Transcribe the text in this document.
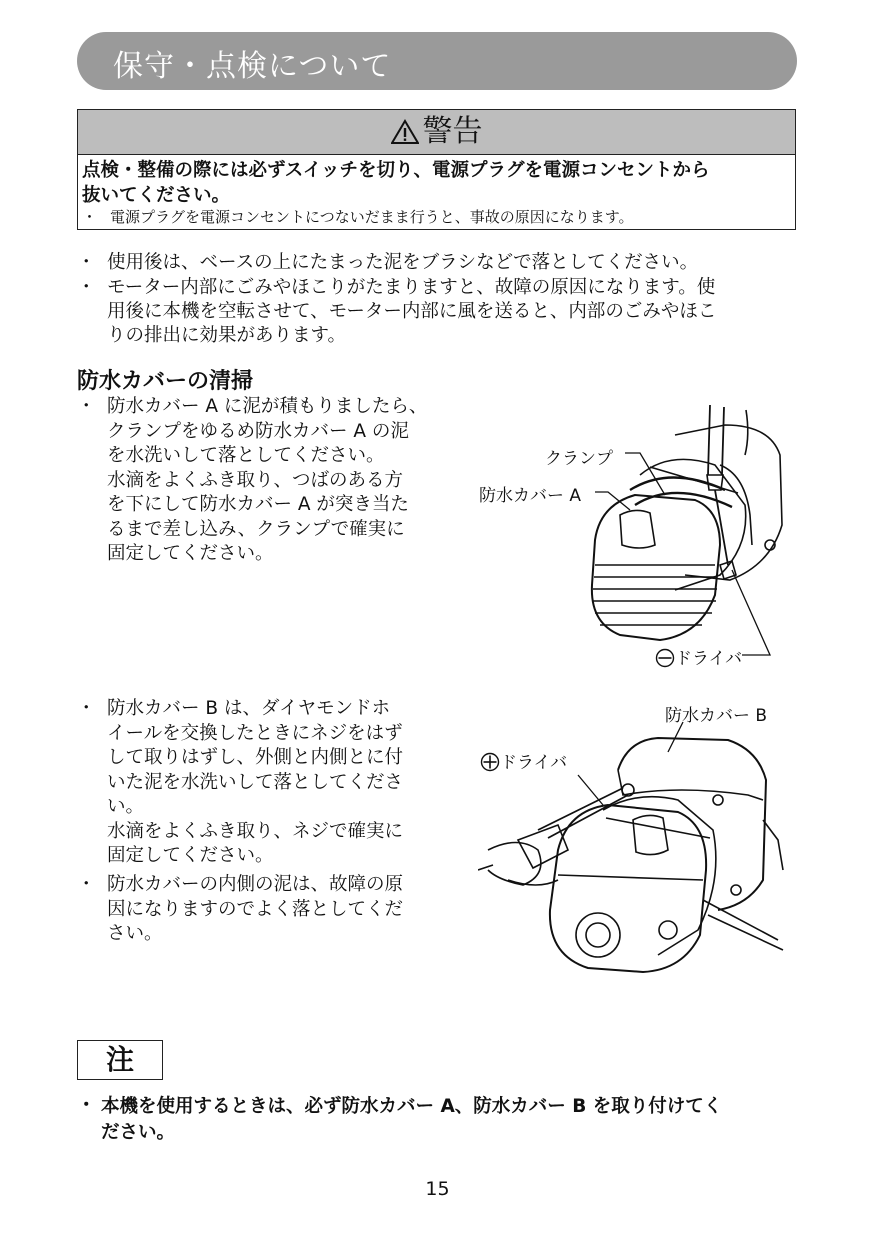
保守・点検について
警告
点検・整備の際には必ずスイッチを切り、電源プラグを電源コンセントから
抜いてください。
・ 電源プラグを電源コンセントにつないだまま行うと、事故の原因になります。
・ 使用後は、ベースの上にたまった泥をブラシなどで落としてください。
・ モーター内部にごみやほこりがたまりますと、故障の原因になります。使
用後に本機を空転させて、モーター内部に風を送ると、内部のごみやほこ
りの排出に効果があります。
防水カバーの清掃
・ 防水カバー A に泥が積もりましたら、
クランプをゆるめ防水カバー A の泥
を水洗いして落としてください。
水滴をよくふき取り、つばのある方
を下にして防水カバー A が突き当た
るまで差し込み、クランプで確実に
固定してください。
クランプ
防水カバー A
ドライバ
・ 防水カバー B は、ダイヤモンドホ
イールを交換したときにネジをはず
して取りはずし、外側と内側とに付
いた泥を水洗いして落としてくださ
い。
水滴をよくふき取り、ネジで確実に
固定してください。
・ 防水カバーの内側の泥は、故障の原
因になりますのでよく落としてくだ
さい。
防水カバー B
ドライバ
注
・ 本機を使用するときは、必ず防水カバー A、防水カバー B を取り付けてく
ださい。
15
